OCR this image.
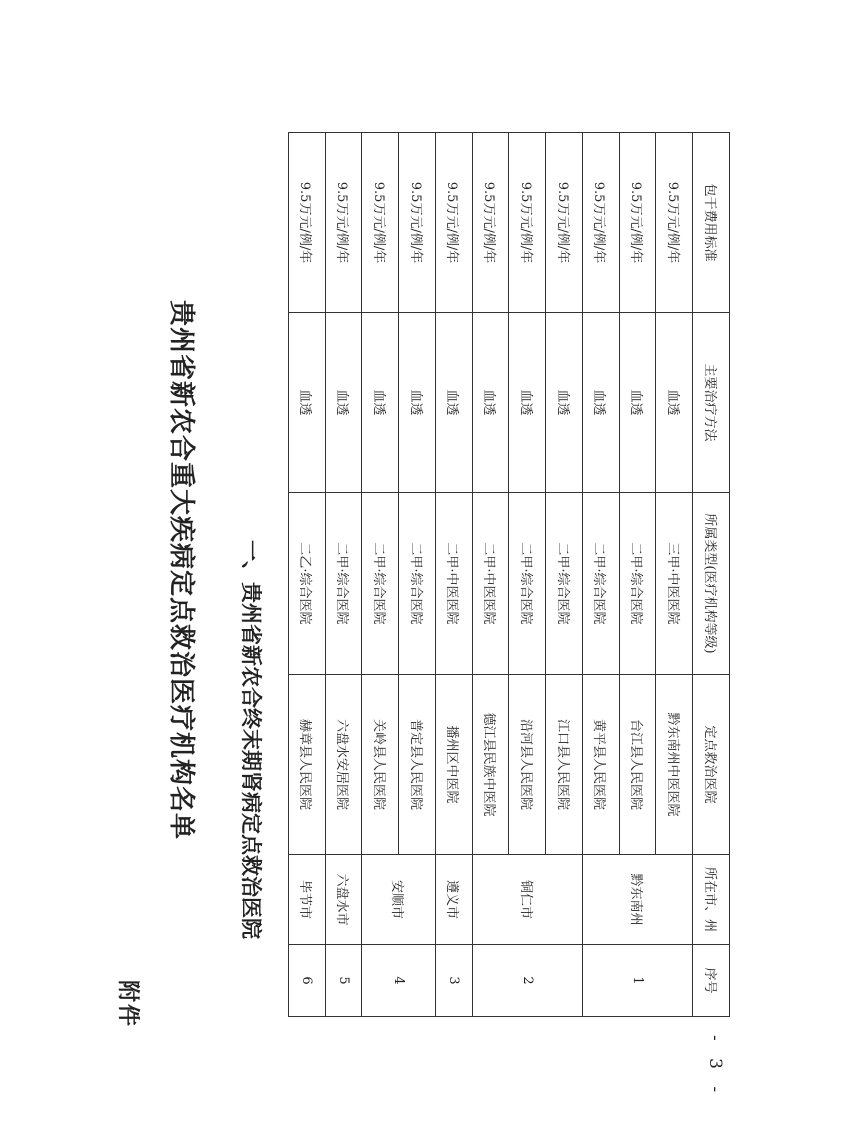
附件
贵州省新农合重大疾病定点救治医疗机构名单 一、贵州省新农合终末期肾病定点救治医院
- 3 -
包干费用标准	主要治疗方法	所属类型(医疗机构等级)	定点救治医院	所在市、州	序号
9.5万元/例/年	血透	三甲·中医医院	黔东南州中医医院	黔东南州	1
9.5万元/例/年	血透	二甲·综合医院	台江县人民医院		
9.5万元/例/年	血透	二甲·综合医院	黄平县人民医院		
9.5万元/例/年	血透	二甲·综合医院	江口县人民医院	铜仁市	2
9.5万元/例/年	血透	二甲·综合医院	沿河县人民医院		
9.5万元/例/年	血透	二甲·中医医院	德江县民族中医院		
9.5万元/例/年	血透	二甲·中医医院	播州区中医院	遵义市	3
9.5万元/例/年	血透	二甲·综合医院	普定县人民医院	安顺市	4
9.5万元/例/年	血透	二甲·综合医院	关岭县人民医院		
9.5万元/例/年	血透	二甲·综合医院	六盘水安居医院	六盘水市	5
9.5万元/例/年	血透	二乙·综合医院	赫章县人民医院	毕节市	6
